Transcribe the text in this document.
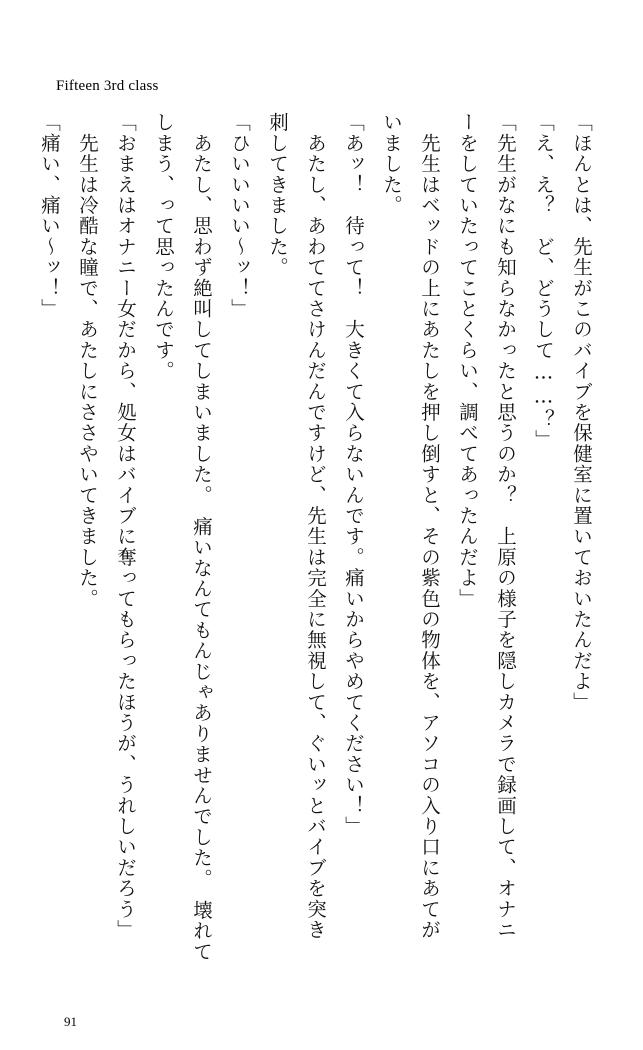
Fifteen 3rd class
「ほんとは、先生がこのバイブを保健室に置いておいたんだよ」
「え、え？　ど、どうして……？」
「先生がなにも知らなかったと思うのか？　上原の様子を隠しカメラで録画して、オナニ
ーをしていたってことくらい、調べてあったんだよ」
　先生はベッドの上にあたしを押し倒すと、その紫色の物体を、アソコの入り口にあてが
いました。
「あッ！　待って！　大きくて入らないんです。痛いからやめてください！」
　あたし、あわててさけんだんですけど、先生は完全に無視して、ぐいッとバイブを突き
刺してきました。
「ひいいいい～ッ！」
　あたし、思わず絶叫してしまいました。　痛いなんてもんじゃありませんでした。　壊れて
しまう、って思ったんです。
「おまえはオナニー女だから、処女はバイブに奪ってもらったほうが、うれしいだろう」
　先生は冷酷な瞳で、あたしにささやいてきました。
「痛い、痛い～ッ！」
91
